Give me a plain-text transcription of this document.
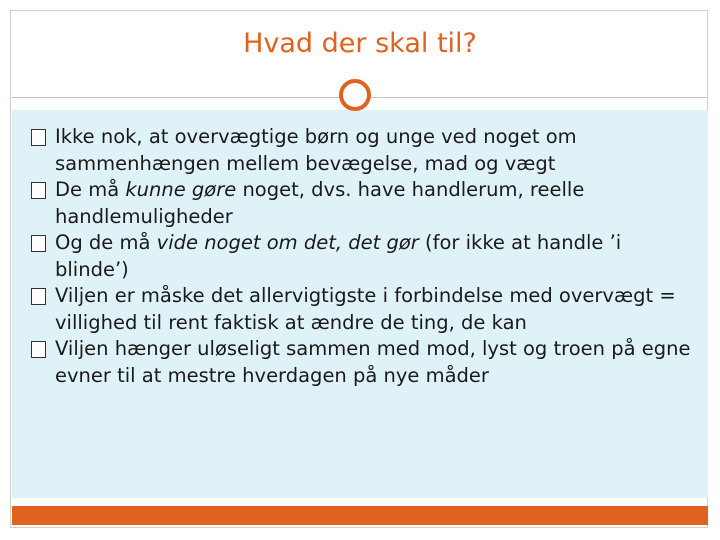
Hvad der skal til?
Ikke nok, at overvægtige børn og unge ved noget om sammenhængen mellem bevægelse, mad og vægt
De må kunne gøre noget, dvs. have handlerum, reelle handlemuligheder
Og de må vide noget om det, det gør (for ikke at handle ’i blinde’)
Viljen er måske det allervigtigste i forbindelse med overvægt = villighed til rent faktisk at ændre de ting, de kan
Viljen hænger uløseligt sammen med mod, lyst og troen på egne evner til at mestre hverdagen på nye måder
